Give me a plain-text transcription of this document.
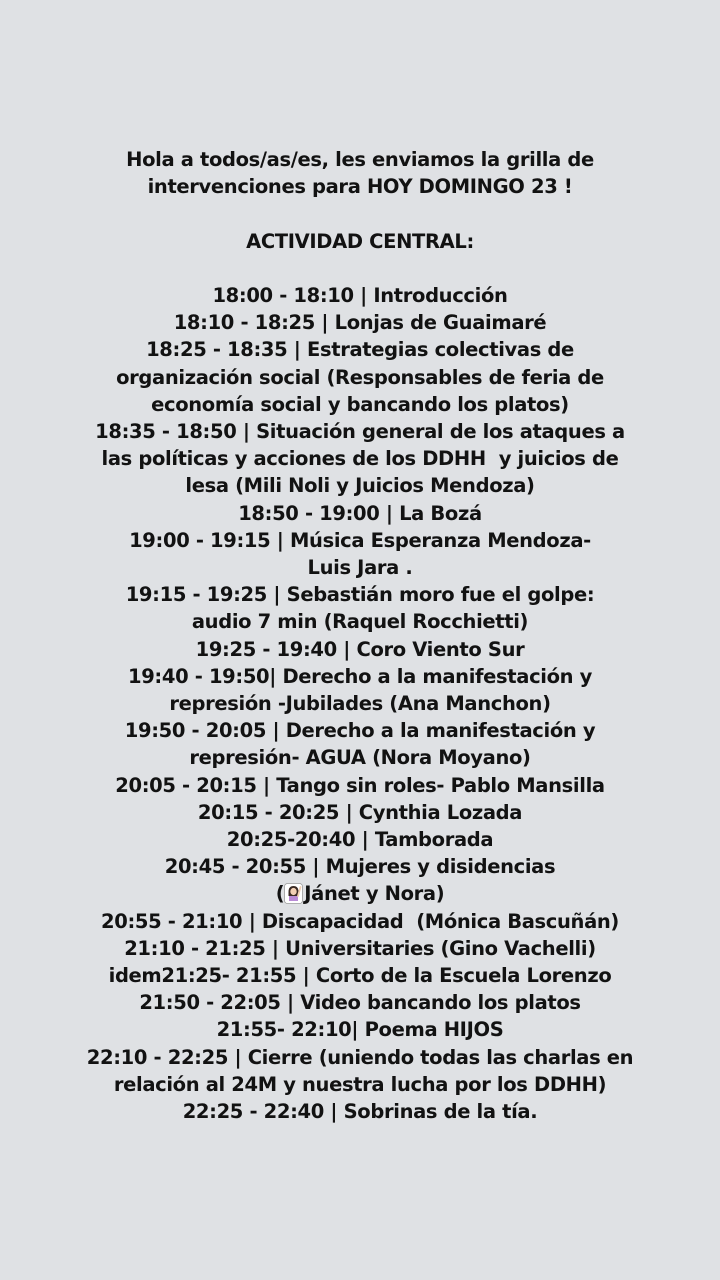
Hola a todos/as/es, les enviamos la grilla de
intervenciones para HOY DOMINGO 23 !
ACTIVIDAD CENTRAL:
18:00 - 18:10 | Introducción
18:10 - 18:25 | Lonjas de Guaimaré
18:25 - 18:35 | Estrategias colectivas de
organización social (Responsables de feria de
economía social y bancando los platos)
18:35 - 18:50 | Situación general de los ataques a
las políticas y acciones de los DDHH  y juicios de
lesa (Mili Noli y Juicios Mendoza)
18:50 - 19:00 | La Bozá
19:00 - 19:15 | Música Esperanza Mendoza-
Luis Jara .
19:15 - 19:25 | Sebastián moro fue el golpe:
audio 7 min (Raquel Rocchietti)
19:25 - 19:40 | Coro Viento Sur
19:40 - 19:50| Derecho a la manifestación y
represión -Jubilades (Ana Manchon)
19:50 - 20:05 | Derecho a la manifestación y
represión- AGUA (Nora Moyano)
20:05 - 20:15 | Tango sin roles- Pablo Mansilla
20:15 - 20:25 | Cynthia Lozada
20:25-20:40 | Tamborada
20:45 - 20:55 | Mujeres y disidencias
( Jánet y Nora)
20:55 - 21:10 | Discapacidad  (Mónica Bascuñán)
21:10 - 21:25 | Universitaries (Gino Vachelli)
idem21:25- 21:55 | Corto de la Escuela Lorenzo
21:50 - 22:05 | Video bancando los platos
21:55- 22:10| Poema HIJOS
22:10 - 22:25 | Cierre (uniendo todas las charlas en
relación al 24M y nuestra lucha por los DDHH)
22:25 - 22:40 | Sobrinas de la tía.
